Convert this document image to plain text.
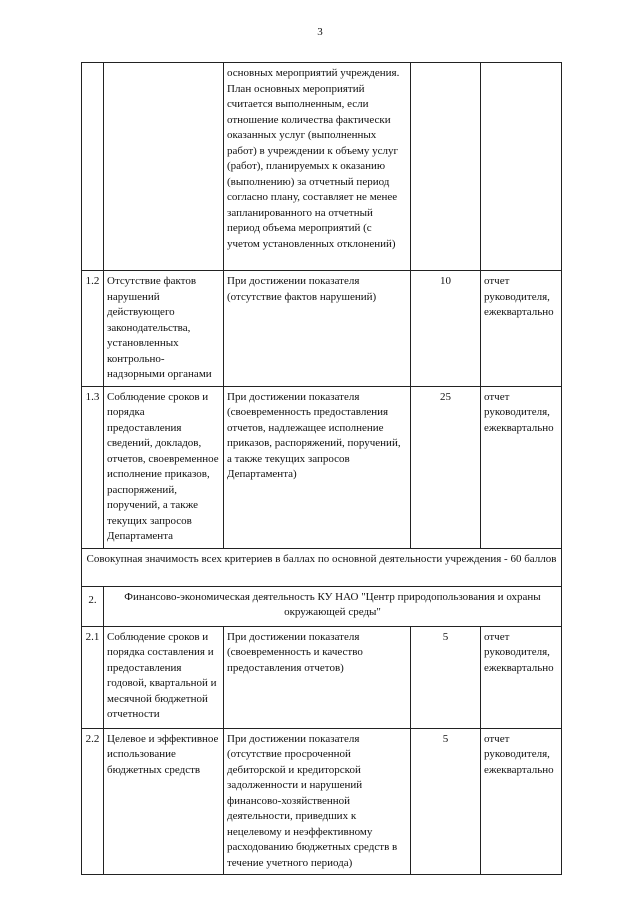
3
		основных мероприятий учреждения. План основных мероприятий считается выполненным, если отношение количества фактически оказанных услуг (выполненных работ) в учреждении к объему услуг (работ), планируемых к оказанию (выполнению) за отчетный период согласно плану, составляет не менее запланированного на отчетный период объема мероприятий (с учетом установленных отклонений)		
1.2	Отсутствие фактов нарушений действующего законодательства, установленных контрольно-надзорными органами	При достижении показателя (отсутствие фактов нарушений)	10	отчет руководителя, ежеквартально
1.3	Соблюдение сроков и порядка предоставления сведений, докладов, отчетов, своевременное исполнение приказов, распоряжений, поручений, а также текущих запросов Департамента	При достижении показателя (своевременность предоставления отчетов, надлежащее исполнение приказов, распоряжений, поручений, а также текущих запросов Департамента)	25	отчет руководителя, ежеквартально
Совокупная значимость всех критериев в баллах по основной деятельности учреждения - 60 баллов				
2.	Финансово-экономическая деятельность КУ НАО "Центр природопользования и охраны окружающей среды"			
2.1	Соблюдение сроков и порядка составления и предоставления годовой, квартальной и месячной бюджетной отчетности	При достижении показателя (своевременность и качество предоставления отчетов)	5	отчет руководителя, ежеквартально
2.2	Целевое и эффективное использование бюджетных средств	При достижении показателя (отсутствие просроченной дебиторской и кредиторской задолженности и нарушений финансово-хозяйственной деятельности, приведших к нецелевому и неэффективному расходованию бюджетных средств в течение учетного периода)	5	отчет руководителя, ежеквартально
